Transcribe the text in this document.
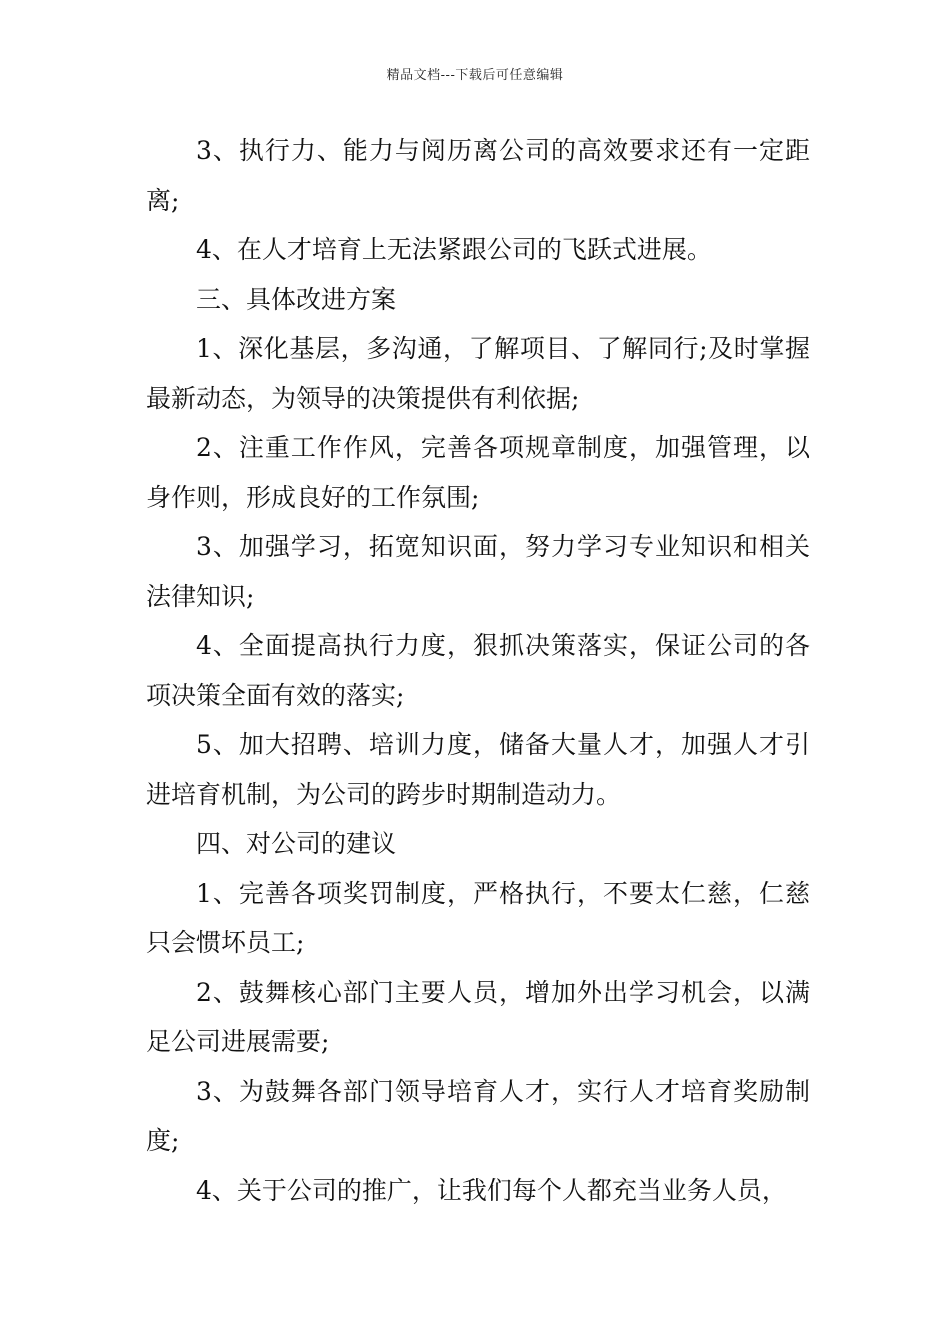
精品文档---下载后可任意编辑

3、执行力、能力与阅历离公司的高效要求还有一定距离;

4、在人才培育上无法紧跟公司的飞跃式进展。

三、具体改进方案

1、深化基层，多沟通，了解项目、了解同行;及时掌握最新动态，为领导的决策提供有利依据;

2、注重工作作风，完善各项规章制度，加强管理，以身作则，形成良好的工作氛围;

3、加强学习，拓宽知识面，努力学习专业知识和相关法律知识;

4、全面提高执行力度，狠抓决策落实，保证公司的各项决策全面有效的落实;

5、加大招聘、培训力度，储备大量人才，加强人才引进培育机制，为公司的跨步时期制造动力。

四、对公司的建议

1、完善各项奖罚制度，严格执行，不要太仁慈，仁慈只会惯坏员工;

2、鼓舞核心部门主要人员，增加外出学习机会，以满足公司进展需要;

3、为鼓舞各部门领导培育人才，实行人才培育奖励制度;

4、关于公司的推广，让我们每个人都充当业务人员，
